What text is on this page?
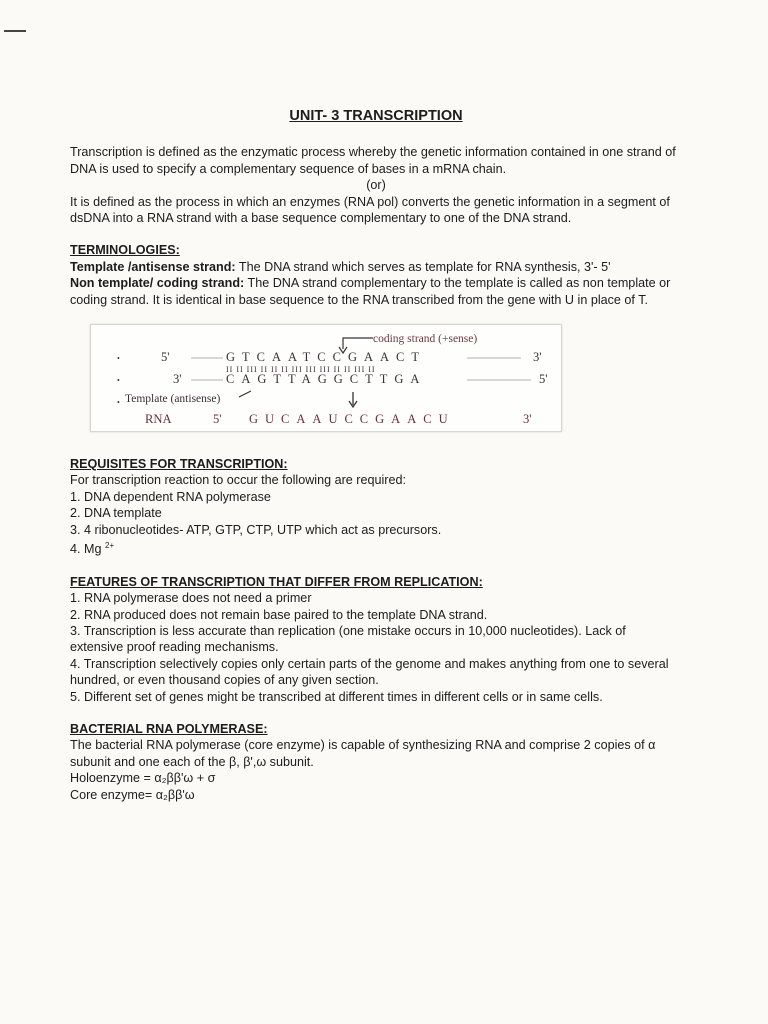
UNIT- 3 TRANSCRIPTION

Transcription is defined as the enzymatic process whereby the genetic information contained in one strand of DNA is used to specify a complementary sequence of bases in a mRNA chain.

(or)

It is defined as the process in which an enzymes (RNA pol) converts the genetic information in a segment of dsDNA into a RNA strand with a base sequence complementary to one of the DNA strand.

TERMINOLOGIES:

Template /antisense strand: The DNA strand which serves as template for RNA synthesis, 3'- 5'

Non template/ coding strand: The DNA strand complementary to the template is called as non template or coding strand. It is identical in base sequence to the RNA transcribed from the gene with U in place of T.

coding strand (+sense)
•	5'	GTCAATCCGAACT	3'
II II III II II II III III III II II III II
•	3'	CAGTTAGGCTTGA	5'
• Template (antisense)
RNA	5' GUCAAUCCGAACU	3'

REQUISITES FOR TRANSCRIPTION:

For transcription reaction to occur the following are required:

1. DNA dependent RNA polymerase

2. DNA template

3. 4 ribonucleotides- ATP, GTP, CTP, UTP which act as precursors.

4. Mg $^{2+}$

FEATURES OF TRANSCRIPTION THAT DIFFER FROM REPLICATION:

1. RNA polymerase does not need a primer

2. RNA produced does not remain base paired to the template DNA strand.

3. Transcription is less accurate than replication (one mistake occurs in 10,000 nucleotides). Lack of extensive proof reading mechanisms.

4. Transcription selectively copies only certain parts of the genome and makes anything from one to several hundred, or even thousand copies of any given section.

5. Different set of genes might be transcribed at different times in different cells or in same cells.

BACTERIAL RNA POLYMERASE:

The bacterial RNA polymerase (core enzyme) is capable of synthesizing RNA and comprise 2 copies of α subunit and one each of the β, β',ω subunit.

Holoenzyme = α₂ββ'ω + σ

Core enzyme= α₂ββ'ω
